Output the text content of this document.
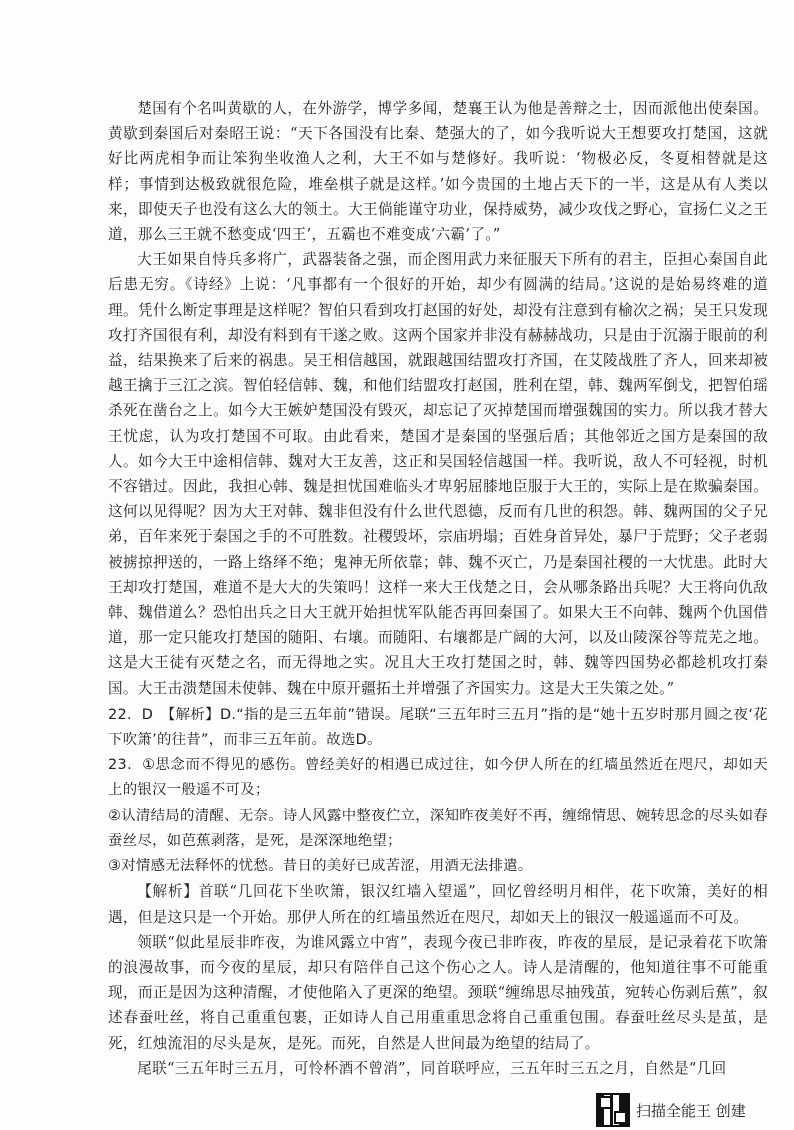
楚国有个名叫黄歇的人，在外游学，博学多闻，楚襄王认为他是善辩之士，因而派他出使秦国。黄歇到秦国后对秦昭王说：“天下各国没有比秦、楚强大的了，如今我听说大王想要攻打楚国，这就好比两虎相争而让笨狗坐收渔人之利，大王不如与楚修好。我听说：‘物极必反，冬夏相替就是这样；事情到达极致就很危险，堆垒棋子就是这样。’如今贵国的土地占天下的一半，这是从有人类以来，即使天子也没有这么大的领土。大王倘能谨守功业，保持威势，减少攻伐之野心，宣扬仁义之王道，那么三王就不愁变成‘四王’，五霸也不难变成‘六霸’了。”

大王如果自恃兵多将广，武器装备之强，而企图用武力来征服天下所有的君主，臣担心秦国自此后患无穷。《诗经》上说：‘凡事都有一个很好的开始，却少有圆满的结局。’这说的是始易终难的道理。凭什么断定事理是这样呢？智伯只看到攻打赵国的好处，却没有注意到有榆次之祸；吴王只发现攻打齐国很有利，却没有料到有干遂之败。这两个国家并非没有赫赫战功，只是由于沉溺于眼前的利益，结果换来了后来的祸患。吴王相信越国，就跟越国结盟攻打齐国，在艾陵战胜了齐人，回来却被越王擒于三江之滨。智伯轻信韩、魏，和他们结盟攻打赵国，胜利在望，韩、魏两军倒戈，把智伯瑶杀死在凿台之上。如今大王嫉妒楚国没有毁灭，却忘记了灭掉楚国而增强魏国的实力。所以我才替大王忧虑，认为攻打楚国不可取。由此看来，楚国才是秦国的坚强后盾；其他邻近之国方是秦国的敌人。如今大王中途相信韩、魏对大王友善，这正和吴国轻信越国一样。我听说，敌人不可轻视，时机不容错过。因此，我担心韩、魏是担忧国难临头才卑躬屈膝地臣服于大王的，实际上是在欺骗秦国。这何以见得呢？因为大王对韩、魏非但没有什么世代恩德，反而有几世的积怨。韩、魏两国的父子兄弟，百年来死于秦国之手的不可胜数。社稷毁坏，宗庙坍塌；百姓身首异处，暴尸于荒野；父子老弱被掳掠押送的，一路上络绎不绝；鬼神无所依靠；韩、魏不灭亡，乃是秦国社稷的一大忧患。此时大王却攻打楚国，难道不是大大的失策吗！这样一来大王伐楚之日，会从哪条路出兵呢？大王将向仇敌韩、魏借道么？恐怕出兵之日大王就开始担忧军队能否再回秦国了。如果大王不向韩、魏两个仇国借道，那一定只能攻打楚国的随阳、右壤。而随阳、右壤都是广阔的大河，以及山陵深谷等荒芜之地。这是大王徒有灭楚之名，而无得地之实。况且大王攻打楚国之时，韩、魏等四国势必都趁机攻打秦国。大王击溃楚国未使韩、魏在中原开疆拓土并增强了齐国实力。这是大王失策之处。”

22．D　【解析】D.“指的是三五年前”错误。尾联“三五年时三五月”指的是“她十五岁时那月圆之夜‘花下吹箫’的往昔”，而非三五年前。故选D。

23．①思念而不得见的感伤。曾经美好的相遇已成过往，如今伊人所在的红墙虽然近在咫尺，却如天上的银汉一般遥不可及；

②认清结局的清醒、无奈。诗人风露中整夜伫立，深知昨夜美好不再，缠绵情思、婉转思念的尽头如春蚕丝尽，如芭蕉剥落，是死，是深深地绝望；

③对情感无法释怀的忧愁。昔日的美好已成苦涩，用酒无法排遣。

【解析】首联“几回花下坐吹箫，银汉红墙入望遥”，回忆曾经明月相伴，花下吹箫，美好的相遇，但是这只是一个开始。那伊人所在的红墙虽然近在咫尺，却如天上的银汉一般遥遥而不可及。

领联“似此星辰非昨夜，为谁风露立中宵”，表现今夜已非昨夜，昨夜的星辰，是记录着花下吹箫的浪漫故事，而今夜的星辰，却只有陪伴自己这个伤心之人。诗人是清醒的，他知道往事不可能重现，而正是因为这种清醒，才使他陷入了更深的绝望。颈联“缠绵思尽抽残茧，宛转心伤剥后蕉”，叙述春蚕吐丝，将自己重重包裹，正如诗人自己用重重思念将自己重重包围。春蚕吐丝尽头是茧，是死，红烛流泪的尽头是灰，是死。而死，自然是人世间最为绝望的结局了。

尾联“三五年时三五月，可怜杯酒不曾消”，同首联呼应，三五年时三五之月，自然是“几回

扫描全能王 创建
